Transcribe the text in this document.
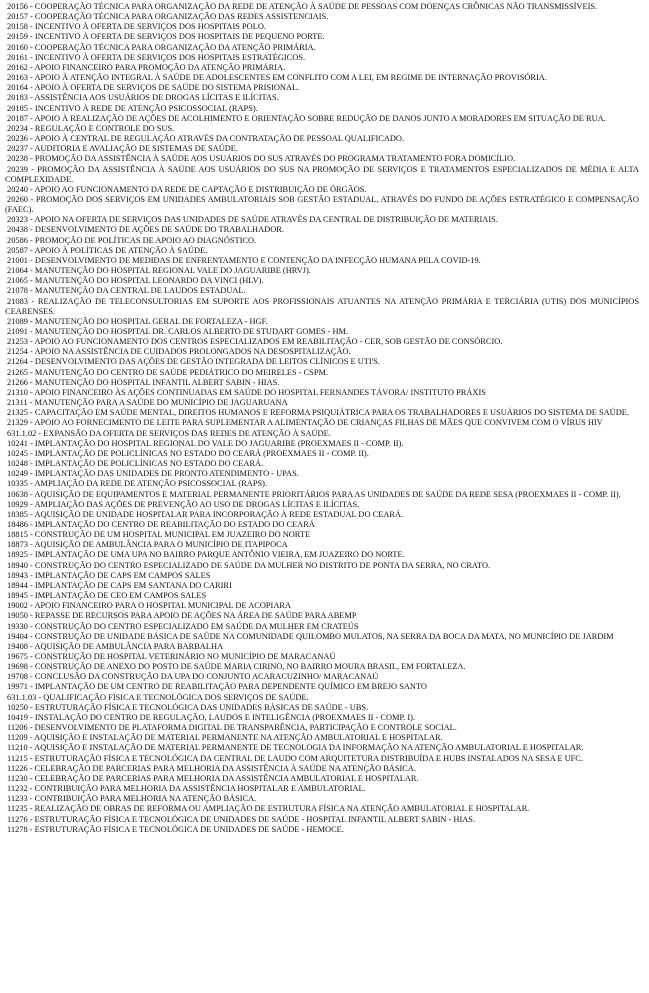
20156 - COOPERAÇÃO TÉCNICA PARA ORGANIZAÇÃO DA REDE DE ATENÇÃO À SAÚDE DE PESSOAS COM DOENÇAS CRÔNICAS NÃO TRANSMISSÍVEIS.

20157 - COOPERAÇÃO TÉCNICA PARA ORGANIZAÇÃO DAS REDES ASSISTENCIAIS.

20158 - INCENTIVO À OFERTA DE SERVIÇOS DOS HOSPITAIS POLO.

20159 - INCENTIVO À OFERTA DE SERVIÇOS DOS HOSPITAIS DE PEQUENO PORTE.

20160 - COOPERAÇÃO TÉCNICA PARA ORGANIZAÇÃO DA ATENÇÃO PRIMÁRIA.

20161 - INCENTIVO À OFERTA DE SERVIÇOS DOS HOSPITAIS ESTRATÉGICOS.

20162 - APOIO FINANCEIRO PARA PROMOÇÃO DA ATENÇÃO PRIMÁRIA.

20163 - APOIO À ATENÇÃO INTEGRAL À SAÚDE DE ADOLESCENTES EM CONFLITO COM A LEI, EM REGIME DE INTERNAÇÃO PROVISÓRIA.

20164 - APOIO À OFERTA DE SERVIÇOS DE SAÚDE DO SISTEMA PRISIONAL.

20183 - ASSISTÊNCIA AOS USUÁRIOS DE DROGAS LÍCITAS E ILÍCITAS.

20185 - INCENTIVO À REDE DE ATENÇÃO PSICOSSOCIAL (RAPS).

20187 - APOIO À REALIZAÇÃO DE AÇÕES DE ACOLHIMENTO E ORIENTAÇÃO SOBRE REDUÇÃO DE DANOS JUNTO A MORADORES EM SITUAÇÃO DE RUA.

20234 - REGULAÇÃO E CONTROLE DO SUS.

20236 - APOIO À CENTRAL DE REGULAÇÃO ATRAVÉS DA CONTRATAÇÃO DE PESSOAL QUALIFICADO.

20237 - AUDITORIA E AVALIAÇÃO DE SISTEMAS DE SAÚDE.

20238 - PROMOÇÃO DA ASSISTÊNCIA À SAÚDE AOS USUÁRIOS DO SUS ATRAVÉS DO PROGRAMA TRATAMENTO FORA DOMICÍLIO.

20239 - PROMOÇÃO DA ASSISTÊNCIA À SAÚDE AOS USUÁRIOS DO SUS NA PROMOÇÃO DE SERVIÇOS E TRATAMENTOS ESPECIALIZADOS DE MÉDIA E ALTA COMPLEXIDADE.

20240 - APOIO AO FUNCIONAMENTO DA REDE DE CAPTAÇÃO E DISTRIBUIÇÃO DE ÓRGÃOS.

20260 - PROMOÇÃO DOS SERVIÇOS EM UNIDADES AMBULATORIAIS SOB GESTÃO ESTADUAL, ATRAVÉS DO FUNDO DE AÇÕES ESTRATÉGICO E COMPENSAÇÃO (FAEC).

20323 - APOIO NA OFERTA DE SERVIÇOS DAS UNIDADES DE SAÚDE ATRAVÉS DA CENTRAL DE DISTRIBUIÇÃO DE MATERIAIS.

20438 - DESENVOLVIMENTO DE AÇÕES DE SAÚDE DO TRABALHADOR.

20586 - PROMOÇÃO DE POLÍTICAS DE APOIO AO DIAGNÓSTICO.

20587 - APOIO À POLÍTICAS DE ATENÇÃO À SAÚDE.

21001 - DESENVOLVIMENTO DE MEDIDAS DE ENFRENTAMENTO E CONTENÇÃO DA INFECÇÃO HUMANA PELA COVID-19.

21064 - MANUTENÇÃO DO HOSPITAL REGIONAL VALE DO JAGUARIBE (HRVJ).

21065 - MANUTENÇÃO DO HOSPITAL LEONARDO DA VINCI (HLV).

21078 - MANUTENÇÃO DA CENTRAL DE LAUDOS ESTADUAL.

21083 - REALIZAÇÃO DE TELECONSULTORIAS EM SUPORTE AOS PROFISSIONAIS ATUANTES NA ATENÇÃO PRIMÁRIA E TERCIÁRIA (UTIS) DOS MUNICÍPIOS CEARENSES.

21089 - MANUTENÇÃO DO HOSPITAL GERAL DE FORTALEZA - HGF.

21091 - MANUTENÇÃO DO HOSPITAL DR. CARLOS ALBERTO DE STUDART GOMES - HM.

21253 - APOIO AO FUNCIONAMENTO DOS CENTROS ESPECIALIZADOS EM REABILITAÇÃO - CER, SOB GESTÃO DE CONSÓRCIO.

21254 - APOIO NA ASSISTÊNCIA DE CUIDADOS PROLONGADOS NA DESOSPITALIZAÇÃO.

21264 - DESENVOLVIMENTO DAS AÇÕES DE GESTÃO INTEGRADA DE LEITOS CLÍNICOS E UTI'S.

21265 - MANUTENÇÃO DO CENTRO DE SAÚDE PEDIÁTRICO DO MEIRELES - CSPM.

21266 - MANUTENÇÃO DO HOSPITAL INFANTIL ALBERT SABIN - HIAS.

21310 - APOIO FINANCEIRO ÀS AÇÕES CONTINUADAS EM SAÚDE DO HOSPITAL FERNANDES TÁVORA/ INSTITUTO PRÁXIS

21311 - MANUTENÇÃO PARA A SAÚDE DO MUNICÍPIO DE JAGUARUANA

21325 - CAPACITAÇÃO EM SAÚDE MENTAL, DIREITOS HUMANOS E REFORMA PSIQUIÁTRICA PARA OS TRABALHADORES E USUÁRIOS DO SISTEMA DE SAÚDE.

21329 - APOIO AO FORNECIMENTO DE LEITE PARA SUPLEMENTAR A ALIMENTAÇÃO DE CRIANÇAS FILHAS DE MÃES QUE CONVIVEM COM O VÍRUS HIV

631.1.02 - EXPANSÃO DA OFERTA DE SERVIÇOS DAS REDES DE ATENÇÃO À SAÚDE.

10241 - IMPLANTAÇÃO DO HOSPITAL REGIONAL DO VALE DO JAGUARIBE (PROEXMAES II - COMP. II).

10245 - IMPLANTAÇÃO DE POLICLÍNICAS NO ESTADO DO CEARÁ (PROEXMAES II - COMP. II).

10248 - IMPLANTAÇÃO DE POLICLÍNICAS NO ESTADO DO CEARÁ.

10249 - IMPLANTAÇÃO DAS UNIDADES DE PRONTO ATENDIMENTO - UPAS.

10335 - AMPLIAÇÃO DA REDE DE ATENÇÃO PSICOSSOCIAL (RAPS).

10638 - AQUISIÇÃO DE EQUIPAMENTOS E MATERIAL PERMANENTE PRIORITÁRIOS PARA AS UNIDADES DE SAÚDE DA REDE SESA (PROEXMAES II - COMP. II).

10929 - AMPLIAÇÃO DAS AÇÕES DE PREVENÇÃO AO USO DE DROGAS LÍCITAS E ILÍCITAS.

18385 - AQUISIÇÃO DE UNIDADE HOSPITALAR PARA INCORPORAÇÃO À REDE ESTADUAL DO CEARÁ.

18486 - IMPLANTAÇÃO DO CENTRO DE REABILITAÇÃO DO ESTADO DO CEARÁ

18815 - CONSTRUÇÃO DE UM HOSPITAL MUNICIPAL EM JUAZEIRO DO NORTE

18873 - AQUISIÇÃO DE AMBULÂNCIA PARA O MUNICÍPIO DE ITAPIPOCA

18925 - IMPLANTAÇÃO DE UMA UPA NO BAIRRO PARQUE ANTÔNIO VIEIRA, EM JUAZEIRO DO NORTE.

18940 - CONSTRUÇÃO DO CENTRO ESPECIALIZADO DE SAÚDE DA MULHER NO DISTRITO DE PONTA DA SERRA, NO CRATO.

18943 - IMPLANTAÇÃO DE CAPS EM CAMPOS SALES

18944 - IMPLANTAÇÃO DE CAPS EM SANTANA DO CARIRI

18945 - IMPLANTAÇÃO DE CEO EM CAMPOS SALES

19002 - APOIO FINANCEIRO PARA O HOSPITAL MUNICIPAL DE ACOPIARA

19050 - REPASSE DE RECURSOS PARA APOIO DE AÇÕES NA ÁREA DE SAÚDE PARA ABEMP

19330 - CONSTRUÇÃO DO CENTRO ESPECIALIZADO EM SAÚDE DA MULHER EM CRATEÚS

19404 - CONSTRUÇÃO DE UNIDADE BÁSICA DE SAÚDE NA COMUNIDADE QUILOMBO MULATOS, NA SERRA DA BOCA DA MATA, NO MUNICÍPIO DE JARDIM

19408 - AQUISIÇÃO DE AMBULÂNCIA PARA BARBALHA

19675 - CONSTRUÇÃO DE HOSPITAL VETERINÁRIO NO MUNICÍPIO DE MARACANAÚ

19698 - CONSTRUÇÃO DE ANEXO DO POSTO DE SAÚDE MARIA CIRINO, NO BAIRRO MOURA BRASIL, EM FORTALEZA.

19708 - CONCLUSÃO DA CONSTRUÇÃO DA UPA DO CONJUNTO ACARACUZINHO/ MARACANAÚ

19971 - IMPLANTAÇÃO DE UM CENTRO DE REABILITAÇÃO PARA DEPENDENTE QUÍMICO EM BREJO SANTO

631.1.03 - QUALIFICAÇÃO FÍSICA E TECNOLÓGICA DOS SERVIÇOS DE SAÚDE.

10250 - ESTRUTURAÇÃO FÍSICA E TECNOLÓGICA DAS UNIDADES BÁSICAS DE SAÚDE - UBS.

10419 - INSTALAÇÃO DO CENTRO DE REGULAÇÃO, LAUDOS E INTELIGÊNCIA (PROEXMAES II - COMP. I).

11206 - DESENVOLVIMENTO DE PLATAFORMA DIGITAL DE TRANSPARÊNCIA, PARTICIPAÇÃO E CONTROLE SOCIAL.

11209 - AQUISIÇÃO E INSTALAÇÃO DE MATERIAL PERMANENTE NA ATENÇÃO AMBULATORIAL E HOSPITALAR.

11210 - AQUISIÇÃO E INSTALAÇÃO DE MATERIAL PERMANENTE DE TECNOLOGIA DA INFORMAÇÃO NA ATENÇÃO AMBULATORIAL E HOSPITALAR.

11215 - ESTRUTURAÇÃO FÍSICA E TECNOLÓGICA DA CENTRAL DE LAUDO COM ARQUITETURA DISTRIBUÍDA E HUBS INSTALADOS NA SESA E UFC.

11226 - CELEBRAÇÃO DE PARCERIAS PARA MELHORIA DA ASSISTÊNCIA À SAÚDE NA ATENÇÃO BÁSICA.

11230 - CELEBRAÇÃO DE PARCERIAS PARA MELHORIA DA ASSISTÊNCIA AMBULATORIAL E HOSPITALAR.

11232 - CONTRIBUIÇÃO PARA MELHORIA DA ASSISTÊNCIA HOSPITALAR E AMBULATORIAL.

11233 - CONTRIBUIÇÃO PARA MELHORIA NA ATENÇÃO BÁSICA.

11235 - REALIZAÇÃO DE OBRAS DE REFORMA OU AMPLIAÇÃO DE ESTRUTURA FÍSICA NA ATENÇÃO AMBULATORIAL E HOSPITALAR.

11276 - ESTRUTURAÇÃO FÍSICA E TECNOLÓGICA DE UNIDADES DE SAÚDE - HOSPITAL INFANTIL ALBERT SABIN - HIAS.

11278 - ESTRUTURAÇÃO FÍSICA E TECNOLÓGICA DE UNIDADES DE SAÚDE - HEMOCE.
